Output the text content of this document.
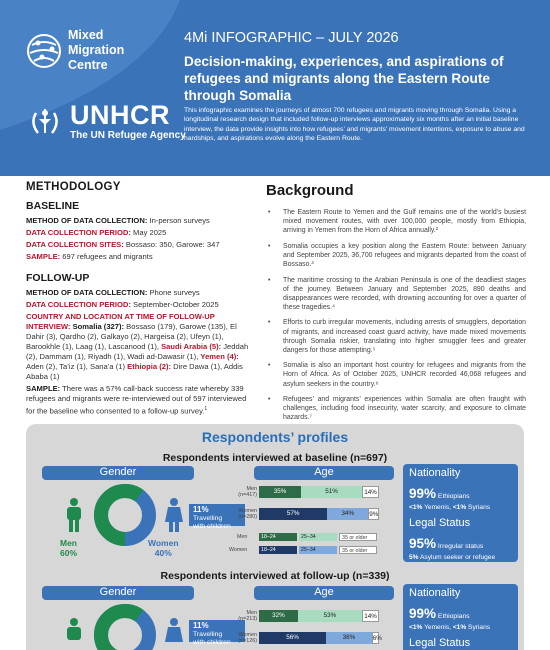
Mixed
Migration
Centre
UNHCR
The UN Refugee Agency
4Mi INFOGRAPHIC – JULY 2026
Decision-making, experiences, and aspirations of refugees and migrants along the Eastern Route through Somalia
This infographic examines the journeys of almost 700 refugees and migrants moving through Somalia. Using a longitudinal research design that included follow-up interviews approximately six months after an initial baseline interview, the data provide insights into how refugees’ and migrants’ movement intentions, exposure to abuse and hardships, and aspirations evolve along the Eastern Route.
METHODOLOGY
BASELINE
METHOD OF DATA COLLECTION: In-person surveys
DATA COLLECTION PERIOD: May 2025
DATA COLLECTION SITES: Bossaso: 350, Garowe: 347
SAMPLE: 697 refugees and migrants
FOLLOW-UP
METHOD OF DATA COLLECTION: Phone surveys
DATA COLLECTION PERIOD: September-October 2025
COUNTRY AND LOCATION AT TIME OF FOLLOW-UP INTERVIEW: Somalia (327): Bossaso (179), Garowe (135), El Dahir (3), Qardho (2), Galkayo (2), Hargeisa (2), Ufeyn (1), Barookhle (1), Laag (1), Lascanood (1), Saudi Arabia (5): Jeddah (2), Dammam (1), Riyadh (1), Wadi ad-Dawasir (1), Yemen (4): Aden (2), Ta’iz (1), Sana’a (1) Ethiopia (2): Dire Dawa (1), Addis Ababa (1)
SAMPLE: There was a 57% call-back success rate whereby 339 refugees and migrants were re-interviewed out of 597 interviewed for the baseline who consented to a follow-up survey.$^1$
Background
• The Eastern Route to Yemen and the Gulf remains one of the world’s busiest mixed movement routes, with over 100,000 people, mostly from Ethiopia, arriving in Yemen from the Horn of Africa annually.²
• Somalia occupies a key position along the Eastern Route: between January and September 2025, 36,700 refugees and migrants departed from the coast of Bossaso.³
• The maritime crossing to the Arabian Peninsula is one of the deadliest stages of the journey. Between January and September 2025, 890 deaths and disappearances were recorded, with drowning accounting for over a quarter of these tragedies.⁴
• Efforts to curb irregular movements, including arrests of smugglers, deportation of migrants, and increased coast guard activity, have made mixed movements through Somalia riskier, translating into higher smuggler fees and greater dangers for those attempting.⁵
• Somalia is also an important host country for refugees and migrants from the Horn of Africa. As of October 2025, UNHCR recorded 46,068 refugees and asylum seekers in the country.⁶
• Refugees’ and migrants’ experiences within Somalia are often fraught with challenges, including food insecurity, water scarcity, and exposure to climate hazards.⁷
Respondents’ profiles
Respondents interviewed at baseline (n=697)
Gender
Men
60%
Women
40%
11%
Travelling
with children
Age
Men
(n=417)	35%	51%	14%
Women
(n=280)	57%	34%	9%
Men	18–24	25–34	35 or older
Women	18–24	25–34	35 or older
Nationality
99% Ethiopians
<1% Yemenis, <1% Syrians
Legal Status
95% Irregular status
5% Asylum seeker or refugee
Respondents interviewed at follow-up (n=339)
Gender
11%
Travelling
with children
Age
Men
(n=213)	32%	53%	14%
Women
(n=126)	56%	38%	6%
Nationality
99% Ethiopians
<1% Yemenis, <1% Syrians
Legal Status
